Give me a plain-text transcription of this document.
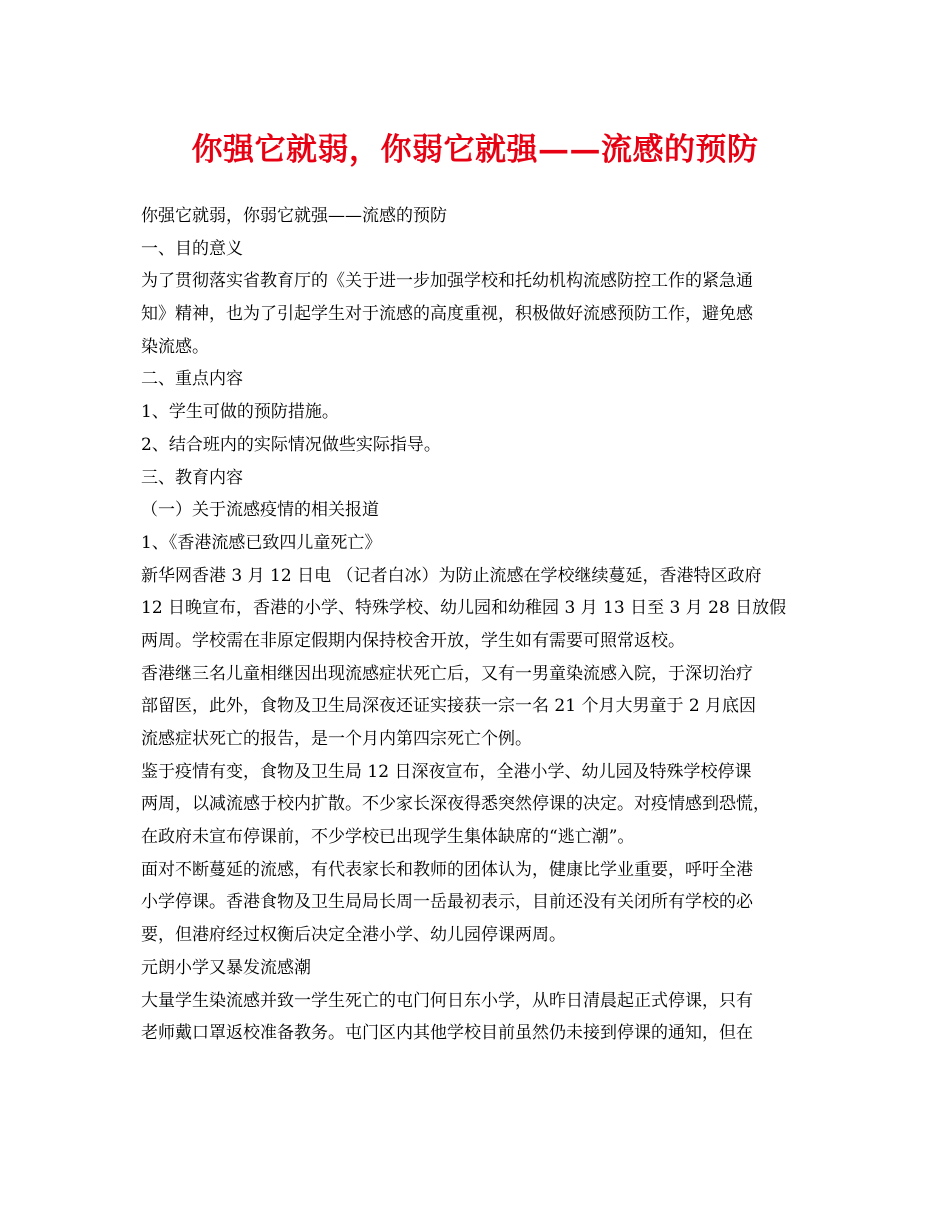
你强它就弱，你弱它就强——流感的预防
你强它就弱，你弱它就强——流感的预防
一、目的意义
为了贯彻落实省教育厅的《关于进一步加强学校和托幼机构流感防控工作的紧急通
知》精神，也为了引起学生对于流感的高度重视，积极做好流感预防工作，避免感
染流感。
二、重点内容
1、学生可做的预防措施。
2、结合班内的实际情况做些实际指导。
三、教育内容
（一）关于流感疫情的相关报道
1、《香港流感已致四儿童死亡》
新华网香港 3 月 12 日电 （记者白冰）为防止流感在学校继续蔓延，香港特区政府
12 日晚宣布，香港的小学、特殊学校、幼儿园和幼稚园 3 月 13 日至 3 月 28 日放假
两周。学校需在非原定假期内保持校舍开放，学生如有需要可照常返校。
香港继三名儿童相继因出现流感症状死亡后，又有一男童染流感入院，于深切治疗
部留医，此外，食物及卫生局深夜还证实接获一宗一名 21 个月大男童于 2 月底因
流感症状死亡的报告，是一个月内第四宗死亡个例。
鉴于疫情有变，食物及卫生局 12 日深夜宣布，全港小学、幼儿园及特殊学校停课
两周，以减流感于校内扩散。不少家长深夜得悉突然停课的决定。对疫情感到恐慌，
在政府未宣布停课前，不少学校已出现学生集体缺席的“逃亡潮”。
面对不断蔓延的流感，有代表家长和教师的团体认为，健康比学业重要，呼吁全港
小学停课。香港食物及卫生局局长周一岳最初表示，目前还没有关闭所有学校的必
要，但港府经过权衡后决定全港小学、幼儿园停课两周。
元朗小学又暴发流感潮
大量学生染流感并致一学生死亡的屯门何日东小学，从昨日清晨起正式停课，只有
老师戴口罩返校准备教务。屯门区内其他学校目前虽然仍未接到停课的通知，但在
